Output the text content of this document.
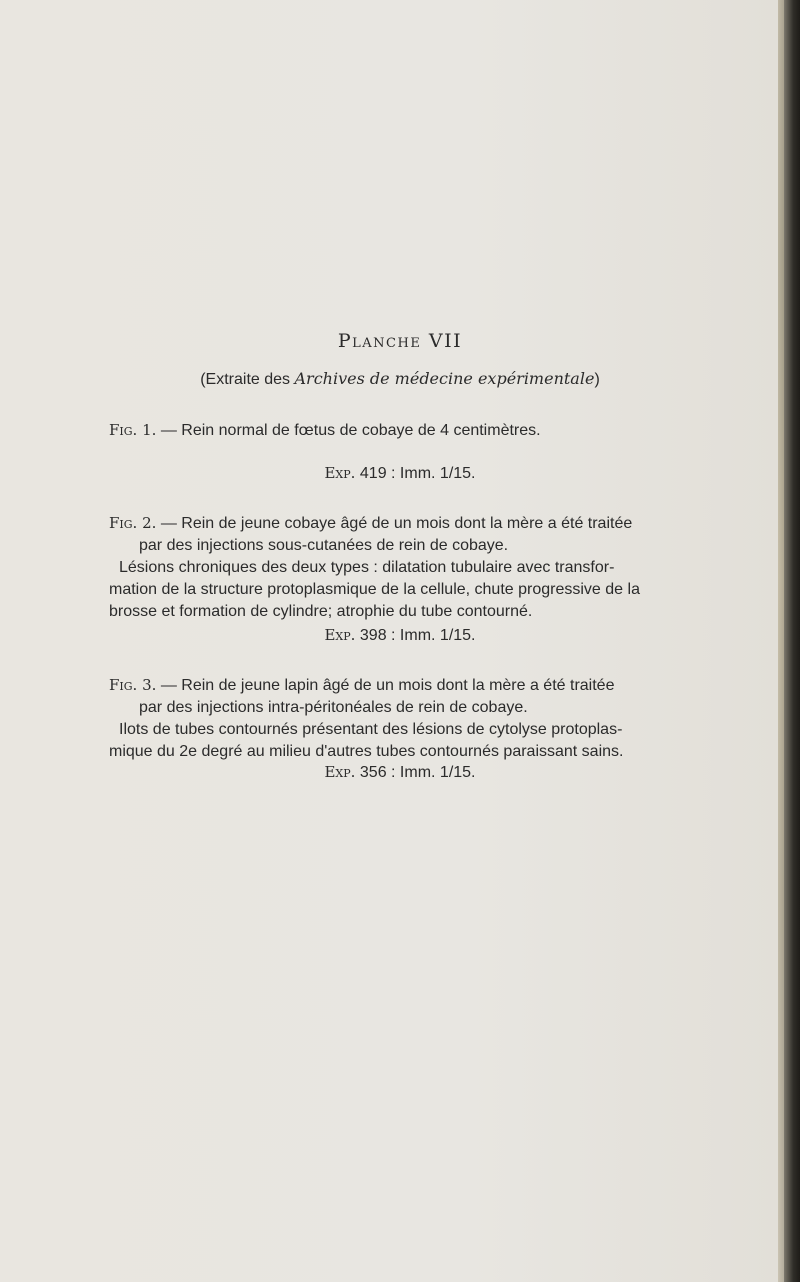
Planche VII
(Extraite des Archives de médecine expérimentale)
Fig. 1. — Rein normal de fœtus de cobaye de 4 centimètres.
Exp. 419 : Imm. 1/15.
Fig. 2. — Rein de jeune cobaye âgé de un mois dont la mère a été traitée
par des injections sous-cutanées de rein de cobaye.
Lésions chroniques des deux types : dilatation tubulaire avec transfor-
mation de la structure protoplasmique de la cellule, chute progressive de la
brosse et formation de cylindre; atrophie du tube contourné.
Exp. 398 : Imm. 1/15.
Fig. 3. — Rein de jeune lapin âgé de un mois dont la mère a été traitée
par des injections intra-péritonéales de rein de cobaye.
Ilots de tubes contournés présentant des lésions de cytolyse protoplas-
mique du 2e degré au milieu d'autres tubes contournés paraissant sains.
Exp. 356 : Imm. 1/15.
